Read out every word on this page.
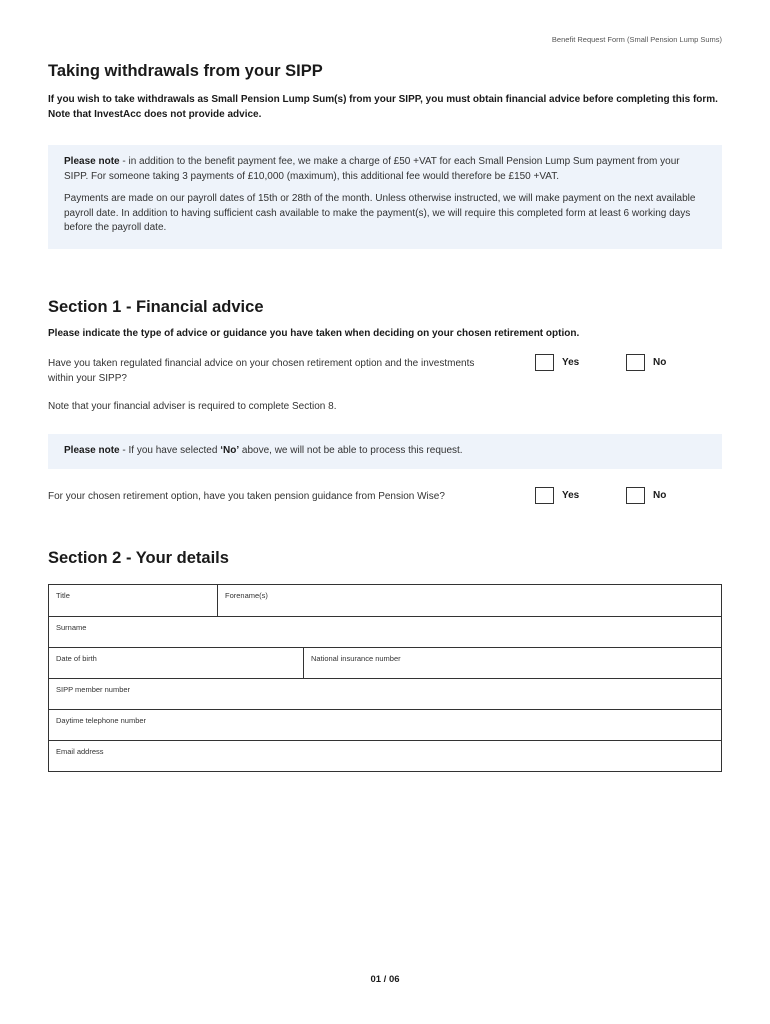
Benefit Request Form (Small Pension Lump Sums)
Taking withdrawals from your SIPP
If you wish to take withdrawals as Small Pension Lump Sum(s) from your SIPP, you must obtain financial advice before completing this form. Note that InvestAcc does not provide advice.

Please note - in addition to the benefit payment fee, we make a charge of £50 +VAT for each Small Pension Lump Sum payment from your SIPP. For someone taking 3 payments of £10,000 (maximum), this additional fee would therefore be £150 +VAT.

Payments are made on our payroll dates of 15th or 28th of the month. Unless otherwise instructed, we will make payment on the next available payroll date. In addition to having sufficient cash available to make the payment(s), we will require this completed form at least 6 working days before the payroll date.

Section 1 - Financial advice
Please indicate the type of advice or guidance you have taken when deciding on your chosen retirement option.
Have you taken regulated financial advice on your chosen retirement option and the investments within your SIPP?
Yes	No
Note that your financial adviser is required to complete Section 8.
Please note - If you have selected ‘No’ above, we will not be able to process this request.
For your chosen retirement option, have you taken pension guidance from Pension Wise?	Yes	No
Section 2 - Your details
Title	Forename(s)
Surname
Date of birth	National insurance number
SIPP member number
Daytime telephone number
Email address
01 / 06
